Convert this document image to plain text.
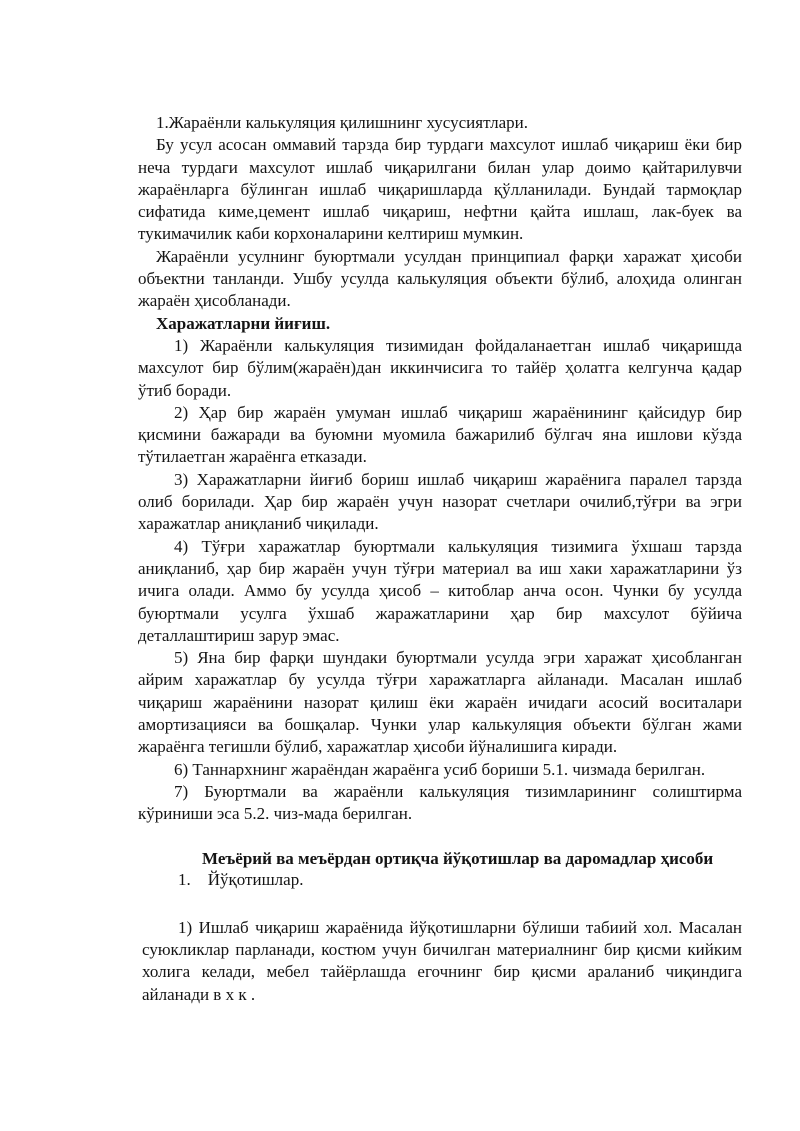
1.Жараёнли калькуляция қилишнинг хусусиятлари.

Бу усул асосан оммавий тарзда бир турдаги махсулот ишлаб чиқариш ёки бир неча турдаги махсулот ишлаб чиқарилгани билан улар доимо қайтарилувчи жараёнларга бўлинган ишлаб чиқаришларда қўлланилади. Бундай тармоқлар сифатида киме,цемент ишлаб чиқариш, нефтни қайта ишлаш, лак-буек ва тукимачилик каби корхоналарини келтириш мумкин.

Жараёнли усулнинг буюртмали усулдан принципиал фарқи харажат ҳисоби объектни танланди. Ушбу усулда калькуляция объекти бўлиб, алоҳида олинган жараён ҳисобланади.

Харажатларни йиғиш.

1) Жараёнли калькуляция тизимидан фойдаланаетган ишлаб чиқаришда махсулот бир бўлим(жараён)дан иккинчисига то тайёр ҳолатга келгунча қадар ўтиб боради.

2) Ҳар бир жараён умуман ишлаб чиқариш жараёнининг қайсидур бир қисмини бажаради ва буюмни муомила бажарилиб бўлгач яна ишлови кўзда тўтилаетган жараёнга етказади.

3) Харажатларни йиғиб бориш ишлаб чиқариш жараёнига паралел тарзда олиб борилади. Ҳар бир жараён учун назорат счетлари очилиб,тўғри ва эгри харажатлар аниқланиб чиқилади.

4) Тўғри харажатлар буюртмали калькуляция тизимига ўхшаш тарзда аниқланиб, ҳар бир жараён учун тўғри материал ва иш хаки харажатларини ўз ичига олади. Аммо бу усулда ҳисоб – китоблар анча осон. Чунки бу усулда буюртмали усулга ўхшаб жаражатларини ҳар бир махсулот бўйича деталлаштириш зарур эмас.

5) Яна бир фарқи шундаки буюртмали усулда эгри харажат ҳисобланган айрим харажатлар бу усулда тўғри харажатларга айланади. Масалан ишлаб чиқариш жараёнини назорат қилиш ёки жараён ичидаги асосий воситалари амортизацияси ва бошқалар. Чунки улар калькуляция объекти бўлган жами жараёнга тегишли бўлиб, харажатлар ҳисоби йўналишига киради.

6) Таннархнинг жараёндан жараёнга усиб бориши 5.1. чизмада берилган.

7) Буюртмали ва жараёнли калькуляция тизимларининг солиштирма кўриниши эса 5.2. чиз-мада берилган.

Меъёрий ва меъёрдан ортиқча йўқотишлар ва даромадлар ҳисоби

1.    Йўқотишлар.

1) Ишлаб чиқариш жараёнида йўқотишларни бўлиши табиий хол. Масалан суюкликлар парланади, костюм учун бичилган материалнинг бир қисми кийким холига келади, мебел тайёрлашда егочнинг бир қисми араланиб чиқиндига айланади в х к .
